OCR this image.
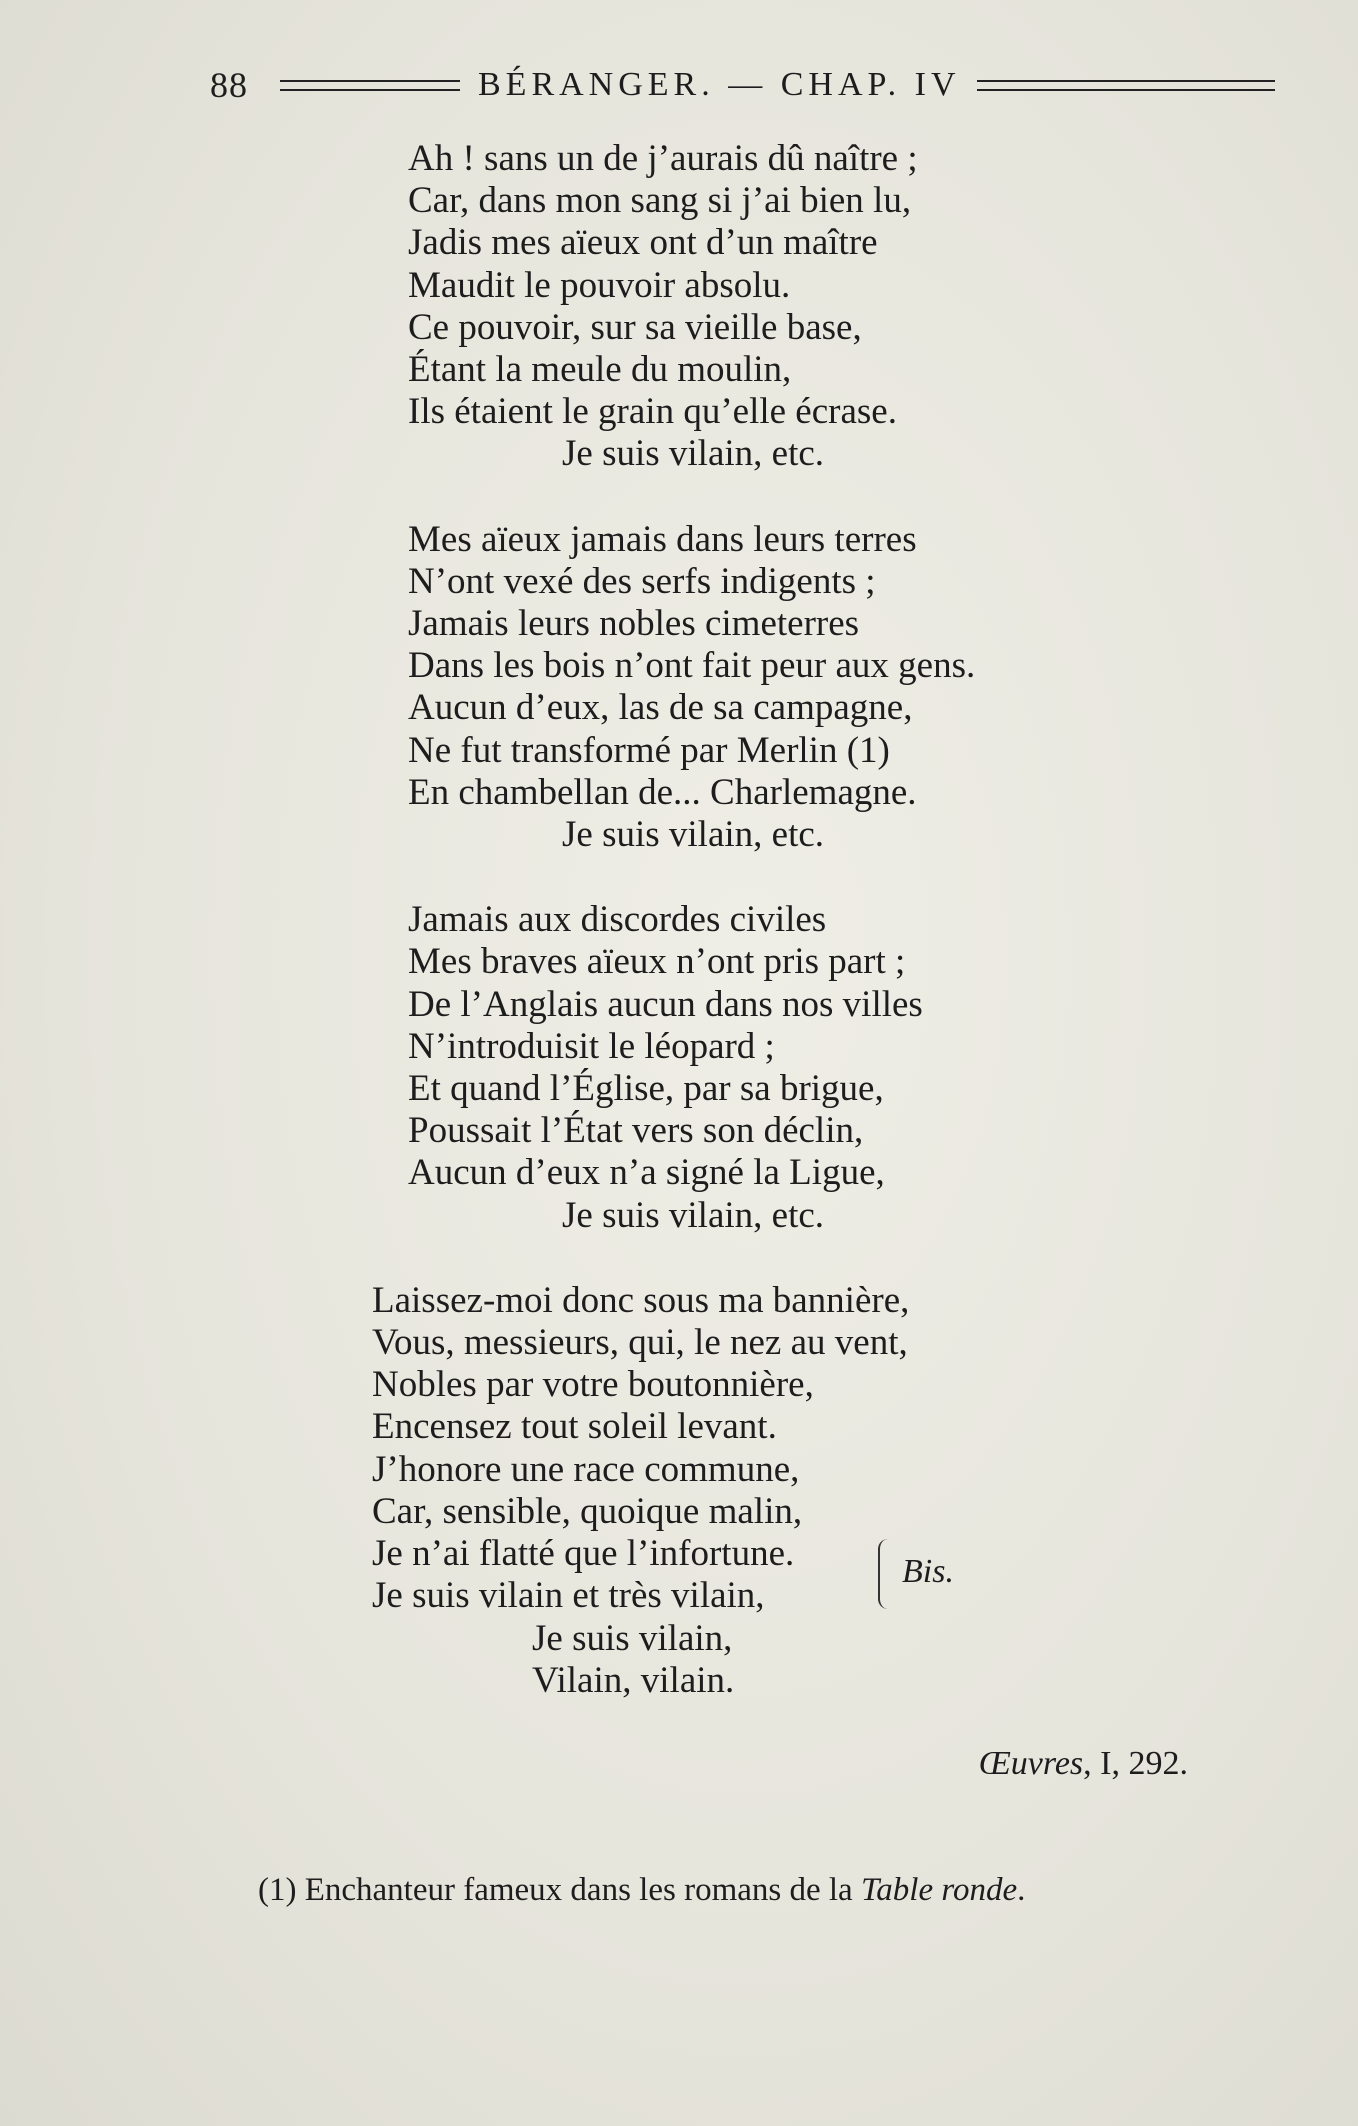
88	BÉRANGER. — CHAP. IV
Ah ! sans un de j’aurais dû naître ;
Car, dans mon sang si j’ai bien lu,
Jadis mes aïeux ont d’un maître
Maudit le pouvoir absolu.
Ce pouvoir, sur sa vieille base,
Étant la meule du moulin,
Ils étaient le grain qu’elle écrase.
Je suis vilain, etc.
Mes aïeux jamais dans leurs terres
N’ont vexé des serfs indigents ;
Jamais leurs nobles cimeterres
Dans les bois n’ont fait peur aux gens.
Aucun d’eux, las de sa campagne,
Ne fut transformé par Merlin (1)
En chambellan de... Charlemagne.
Je suis vilain, etc.
Jamais aux discordes civiles
Mes braves aïeux n’ont pris part ;
De l’Anglais aucun dans nos villes
N’introduisit le léopard ;
Et quand l’Église, par sa brigue,
Poussait l’État vers son déclin,
Aucun d’eux n’a signé la Ligue,
Je suis vilain, etc.
Laissez-moi donc sous ma bannière,
Vous, messieurs, qui, le nez au vent,
Nobles par votre boutonnière,
Encensez tout soleil levant.
J’honore une race commune,
Car, sensible, quoique malin,
Je n’ai flatté que l’infortune.
Je suis vilain et très vilain,
Bis.
Je suis vilain,
Vilain, vilain.
Œuvres, I, 292.
(1) Enchanteur fameux dans les romans de la Table ronde.
